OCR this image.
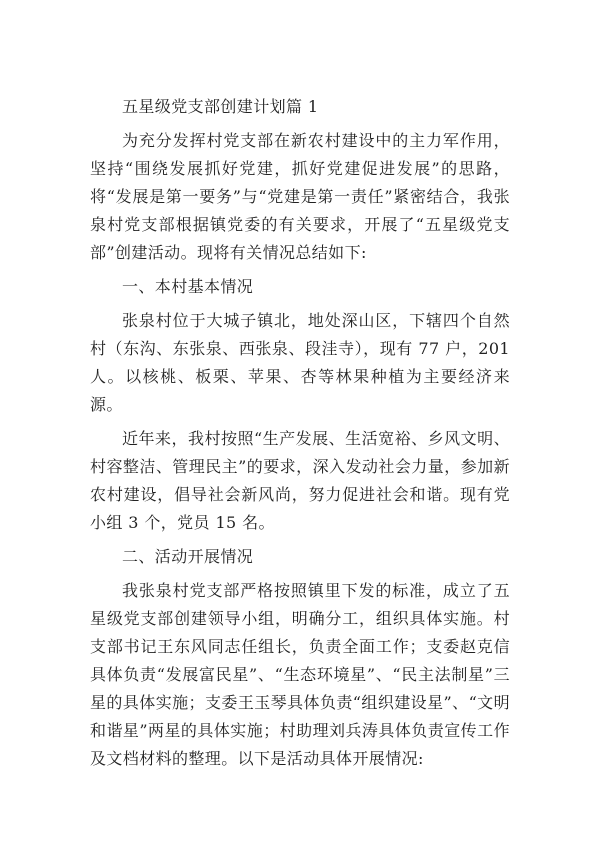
五星级党支部创建计划篇 1

为充分发挥村党支部在新农村建设中的主力军作用，坚持“围绕发展抓好党建，抓好党建促进发展”的思路，将“发展是第一要务”与“党建是第一责任”紧密结合，我张泉村党支部根据镇党委的有关要求，开展了“五星级党支部”创建活动。现将有关情况总结如下:

一、本村基本情况

张泉村位于大城子镇北，地处深山区，下辖四个自然村（东沟、东张泉、西张泉、段洼寺），现有 77 户，201 人。以核桃、板栗、苹果、杏等林果种植为主要经济来源。

近年来，我村按照“生产发展、生活宽裕、乡风文明、村容整洁、管理民主”的要求，深入发动社会力量，参加新农村建设，倡导社会新风尚，努力促进社会和谐。现有党小组 3 个，党员 15 名。

二、活动开展情况

我张泉村党支部严格按照镇里下发的标准，成立了五星级党支部创建领导小组，明确分工，组织具体实施。村支部书记王东风同志任组长，负责全面工作；支委赵克信具体负责“发展富民星”、“生态环境星”、“民主法制星”三星的具体实施；支委王玉琴具体负责“组织建设星”、“文明和谐星”两星的具体实施；村助理刘兵涛具体负责宣传工作及文档材料的整理。以下是活动具体开展情况:
